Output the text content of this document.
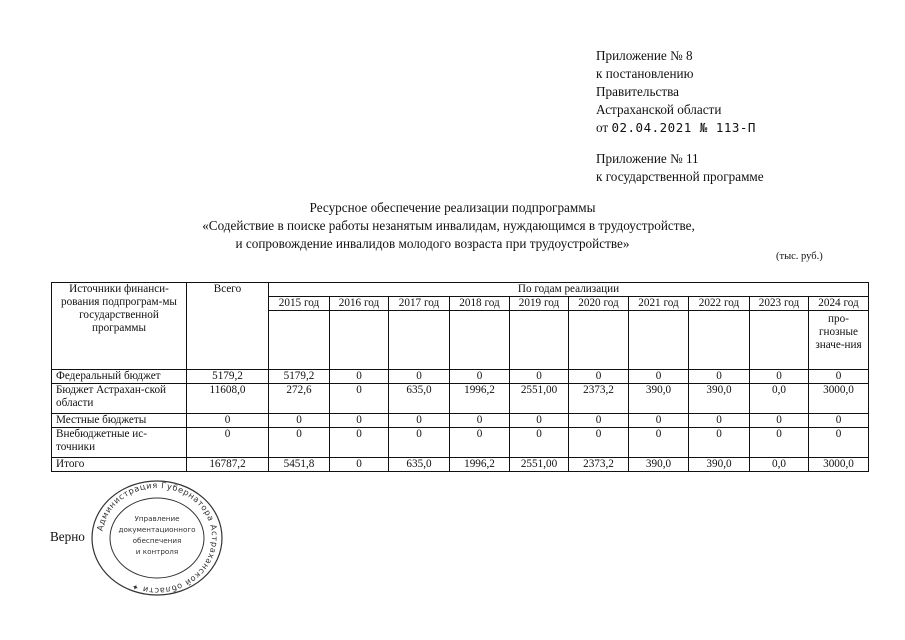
Приложение № 8
к постановлению
Правительства
Астраханской области
от 02.04.2021 № 113-П
Приложение № 11
к государственной программе
Ресурсное обеспечение реализации подпрограммы
«Содействие в поиске работы незанятым инвалидам, нуждающимся в трудоустройстве,
и сопровождение инвалидов молодого возраста при трудоустройстве»
(тыс. руб.)
Источники финанси-рования подпрограм-мы государственной программы	Всего	По годам реализации									
		2015 год	2016 год	2017 год	2018 год	2019 год	2020 год	2021 год	2022 год	2023 год	2024 год
											про-гнозные значе-ния
Федеральный бюджет	5179,2	5179,2	0	0	0	0	0	0	0	0	0
Бюджет Астрахан-ской области	11608,0	272,6	0	635,0	1996,2	2551,00	2373,2	390,0	390,0	0,0	3000,0
Местные бюджеты	0	0	0	0	0	0	0	0	0	0	0
Внебюджетные ис-точники	0	0	0	0	0	0	0	0	0	0	0
Итого	16787,2	5451,8	0	635,0	1996,2	2551,00	2373,2	390,0	390,0	0,0	3000,0
Верно
Администрация Губернатора Астраханской области ✦
Управление
документационного
обеспечения
и контроля
